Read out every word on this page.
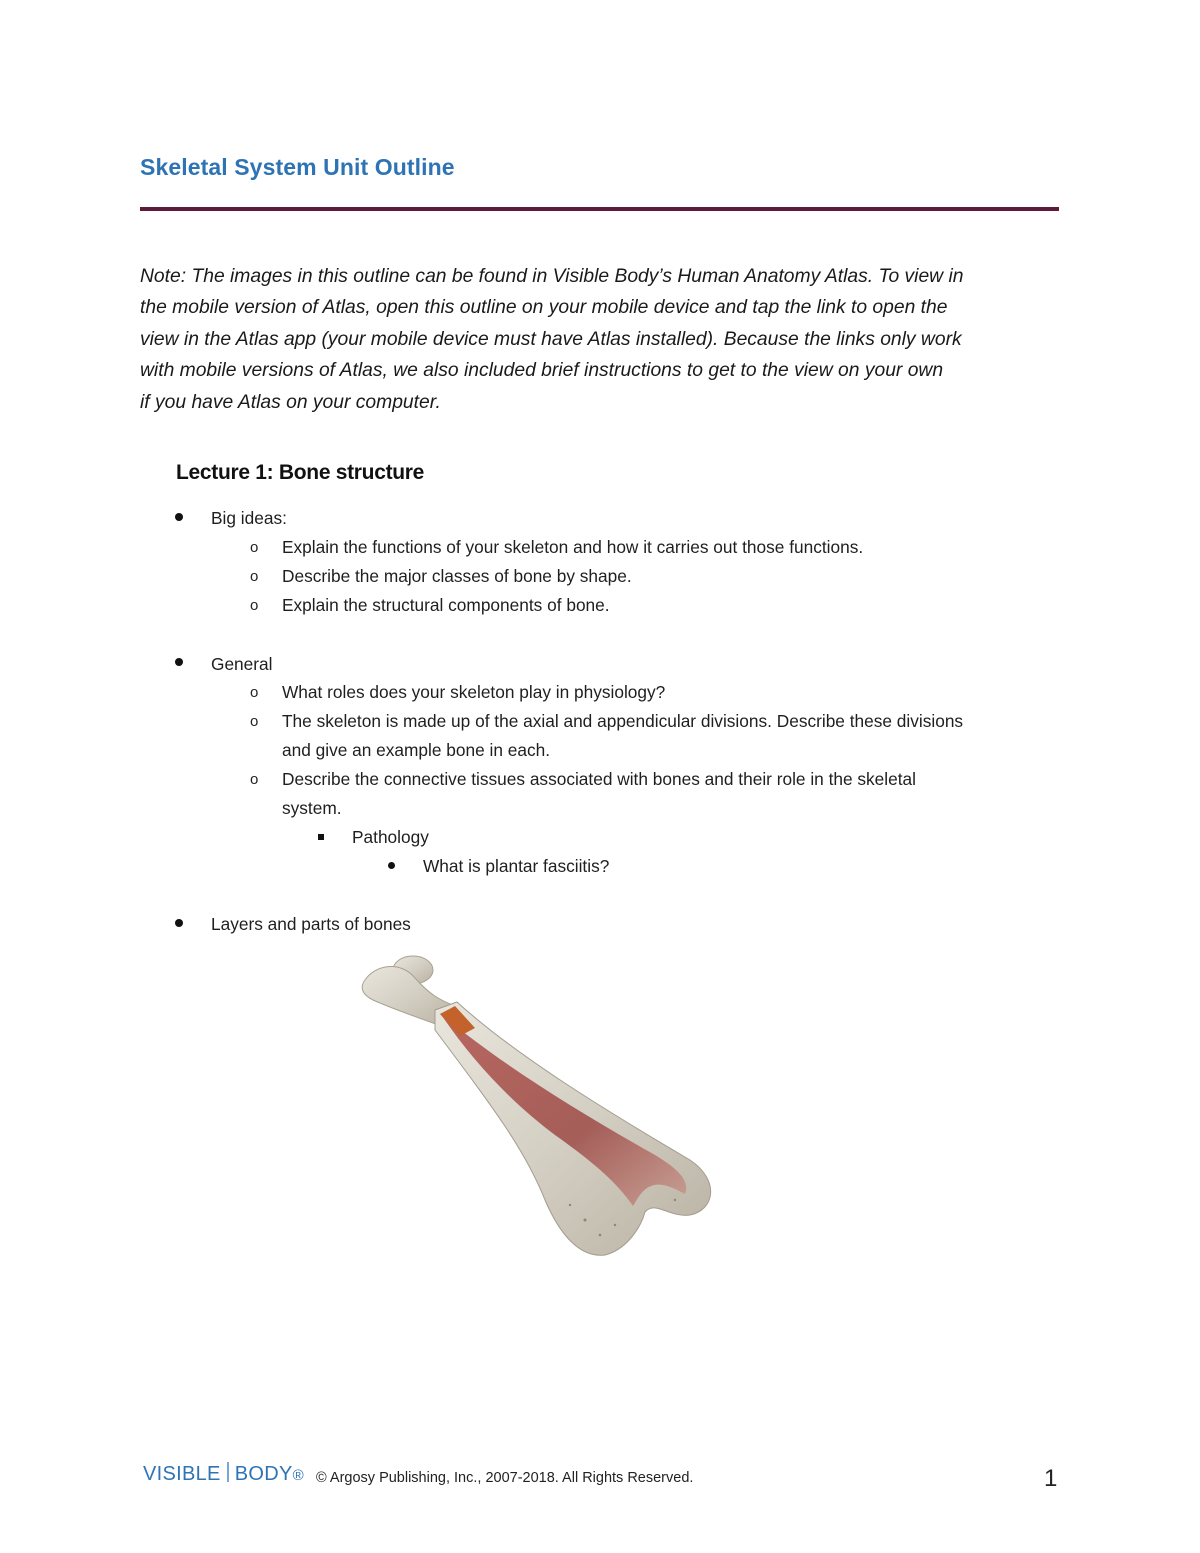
Skeletal System Unit Outline

Note: The images in this outline can be found in Visible Body’s Human Anatomy Atlas. To view in

the mobile version of Atlas, open this outline on your mobile device and tap the link to open the

view in the Atlas app (your mobile device must have Atlas installed). Because the links only work

with mobile versions of Atlas, we also included brief instructions to get to the view on your own

if you have Atlas on your computer.

Lecture 1: Bone structure
Big ideas:
o Explain the functions of your skeleton and how it carries out those functions.
o Describe the major classes of bone by shape.
o Explain the structural components of bone.
General
o What roles does your skeleton play in physiology?
o The skeleton is made up of the axial and appendicular divisions. Describe these divisions
and give an example bone in each.
o Describe the connective tissues associated with bones and their role in the skeletal
system.
Pathology
What is plantar fasciitis?
Layers and parts of bones
VISIBLE BODY® © Argosy Publishing, Inc., 2007-2018. All Rights Reserved.	1
